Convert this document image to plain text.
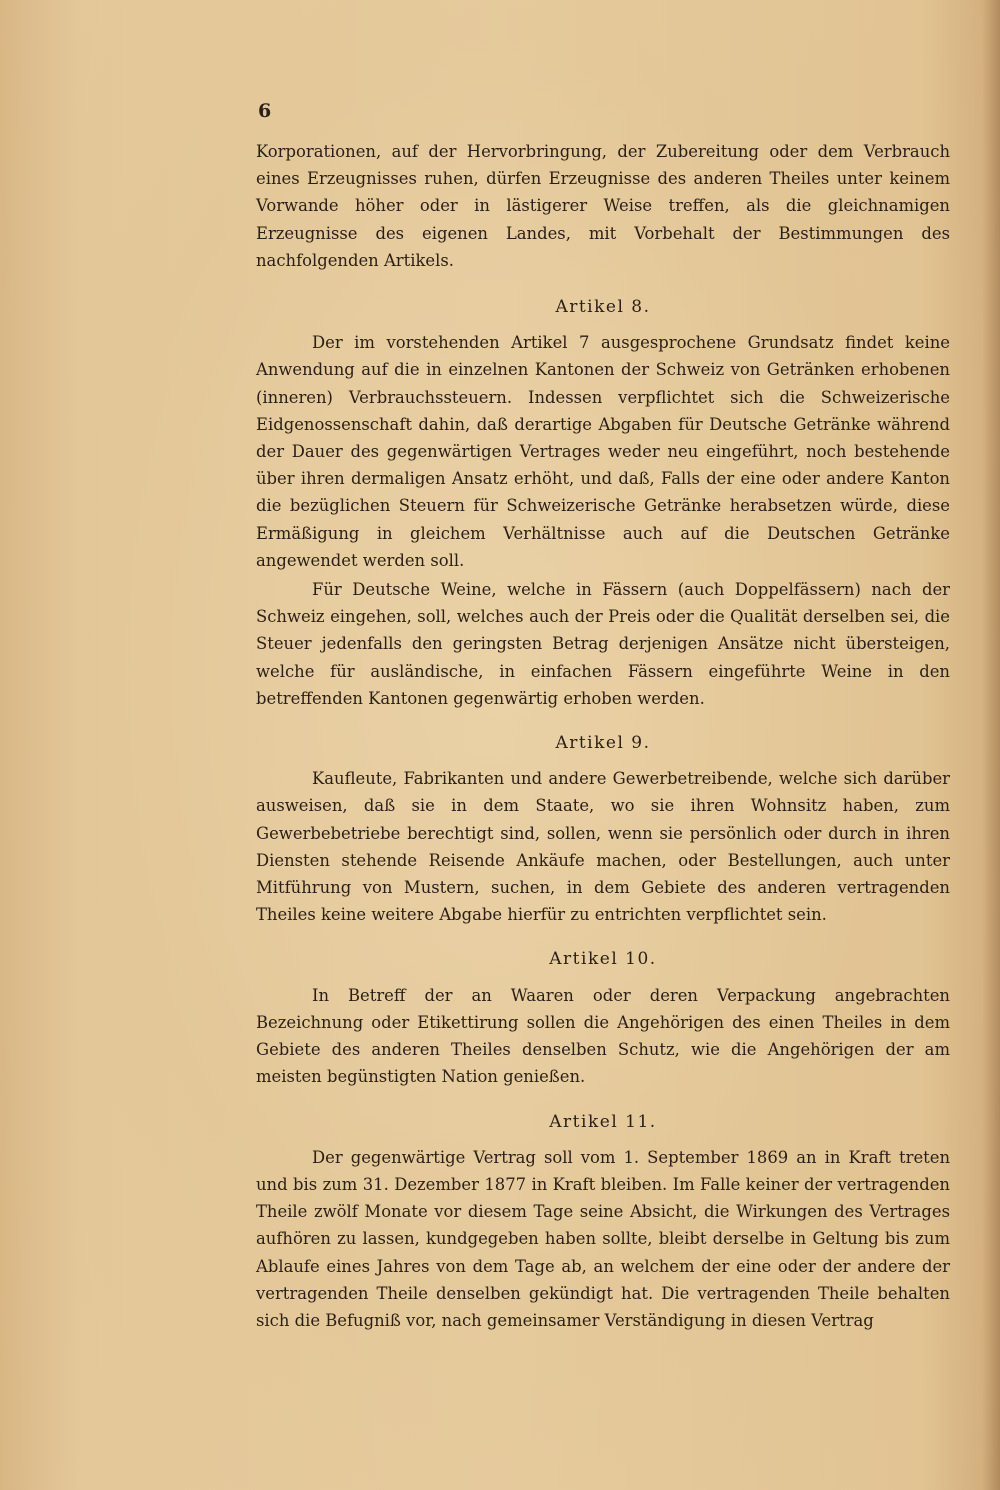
6

Korporationen, auf der Hervorbringung, der Zubereitung oder dem Verbrauch eines Erzeugnisses ruhen, dürfen Erzeugnisse des anderen Theiles unter keinem Vorwande höher oder in lästigerer Weise treffen, als die gleichnamigen Erzeugnisse des eigenen Landes, mit Vorbehalt der Bestimmungen des nachfolgenden Artikels.

Artikel 8.

Der im vorstehenden Artikel 7 ausgesprochene Grundsatz findet keine Anwendung auf die in einzelnen Kantonen der Schweiz von Getränken erhobenen (inneren) Verbrauchssteuern. Indessen verpflichtet sich die Schweizerische Eidgenossenschaft dahin, daß derartige Abgaben für Deutsche Getränke während der Dauer des gegenwärtigen Vertrages weder neu eingeführt, noch bestehende über ihren dermaligen Ansatz erhöht, und daß, Falls der eine oder andere Kanton die bezüglichen Steuern für Schweizerische Getränke herabsetzen würde, diese Ermäßigung in gleichem Verhältnisse auch auf die Deutschen Getränke angewendet werden soll.

Für Deutsche Weine, welche in Fässern (auch Doppelfässern) nach der Schweiz eingehen, soll, welches auch der Preis oder die Qualität derselben sei, die Steuer jedenfalls den geringsten Betrag derjenigen Ansätze nicht übersteigen, welche für ausländische, in einfachen Fässern eingeführte Weine in den betreffenden Kantonen gegenwärtig erhoben werden.

Artikel 9.

Kaufleute, Fabrikanten und andere Gewerbetreibende, welche sich darüber ausweisen, daß sie in dem Staate, wo sie ihren Wohnsitz haben, zum Gewerbebetriebe berechtigt sind, sollen, wenn sie persönlich oder durch in ihren Diensten stehende Reisende Ankäufe machen, oder Bestellungen, auch unter Mitführung von Mustern, suchen, in dem Gebiete des anderen vertragenden Theiles keine weitere Abgabe hierfür zu entrichten verpflichtet sein.

Artikel 10.

In Betreff der an Waaren oder deren Verpackung angebrachten Bezeichnung oder Etikettirung sollen die Angehörigen des einen Theiles in dem Gebiete des anderen Theiles denselben Schutz, wie die Angehörigen der am meisten begünstigten Nation genießen.

Artikel 11.

Der gegenwärtige Vertrag soll vom 1. September 1869 an in Kraft treten und bis zum 31. Dezember 1877 in Kraft bleiben. Im Falle keiner der vertragenden Theile zwölf Monate vor diesem Tage seine Absicht, die Wirkungen des Vertrages aufhören zu lassen, kundgegeben haben sollte, bleibt derselbe in Geltung bis zum Ablaufe eines Jahres von dem Tage ab, an welchem der eine oder der andere der vertragenden Theile denselben gekündigt hat. Die vertragenden Theile behalten sich die Befugniß vor, nach gemeinsamer Verständigung in diesen Vertrag
